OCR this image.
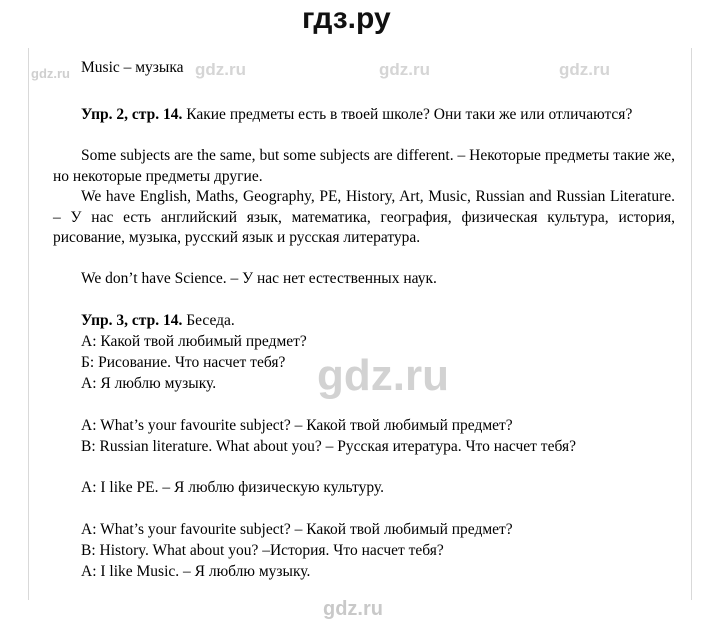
гдз.ру
gdz.ru	gdz.ru	gdz.ru	gdz.ru
gdz.ru
Music – музыка
Упр. 2, стр. 14. Какие предметы есть в твоей школе? Они таки же или отличаются?
Some subjects are the same, but some subjects are different. – Некоторые предметы такие же, но некоторые предметы другие.
We have English, Maths, Geography, PE, History, Art, Music, Russian and Russian Literature. – У нас есть английский язык, математика, география, физическая культура, история, рисование, музыка, русский язык и русская литература.
We don’t have Science. – У нас нет естественных наук.
Упр. 3, стр. 14. Беседа.
А: Какой твой любимый предмет?
Б: Рисование. Что насчет тебя?
А: Я люблю музыку.
A: What’s your favourite subject? – Какой твой любимый предмет?
B: Russian literature. What about you? – Русская итература. Что насчет тебя?
A: I like PE. – Я люблю физическую культуру.
A: What’s your favourite subject? – Какой твой любимый предмет?
B: History. What about you? –История. Что насчет тебя?
A: I like Music. – Я люблю музыку.
gdz.ru
